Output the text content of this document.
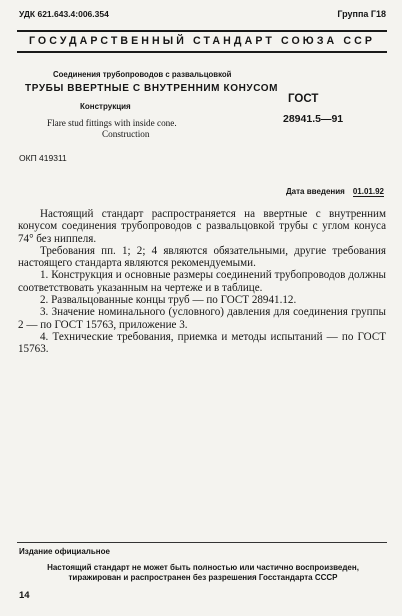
УДК 621.643.4:006.354	Группа Г18
ГОСУДАРСТВЕННЫЙ СТАНДАРТ СОЮЗА ССР
Соединения трубопроводов с развальцовкой
ТРУБЫ ВВЕРТНЫЕ С ВНУТРЕННИМ КОНУСОМ
Конструкция
Flare stud fittings with inside cone.
Construction
ГОСТ
28941.5—91
ОКП 419311
Дата введения 01.01.92

Настоящий стандарт распространяется на ввертные с внутренним конусом соединения трубопроводов с развальцовкой трубы с углом конуса 74° без ниппеля.

Требования пп. 1; 2; 4 являются обязательными, другие требования настоящего стандарта являются рекомендуемыми.

1. Конструкция и основные размеры соединений трубопроводов должны соответствовать указанным на чертеже и в таблице.

2. Развальцованные концы труб — по ГОСТ 28941.12.

3. Значение номинального (условного) давления для соединения группы 2 — по ГОСТ 15763, приложение 3.

4. Технические требования, приемка и методы испытаний — по ГОСТ 15763.

Издание официальное
Настоящий стандарт не может быть полностью или частично воспроизведен,
тиражирован и распространен без разрешения Госстандарта СССР
14
